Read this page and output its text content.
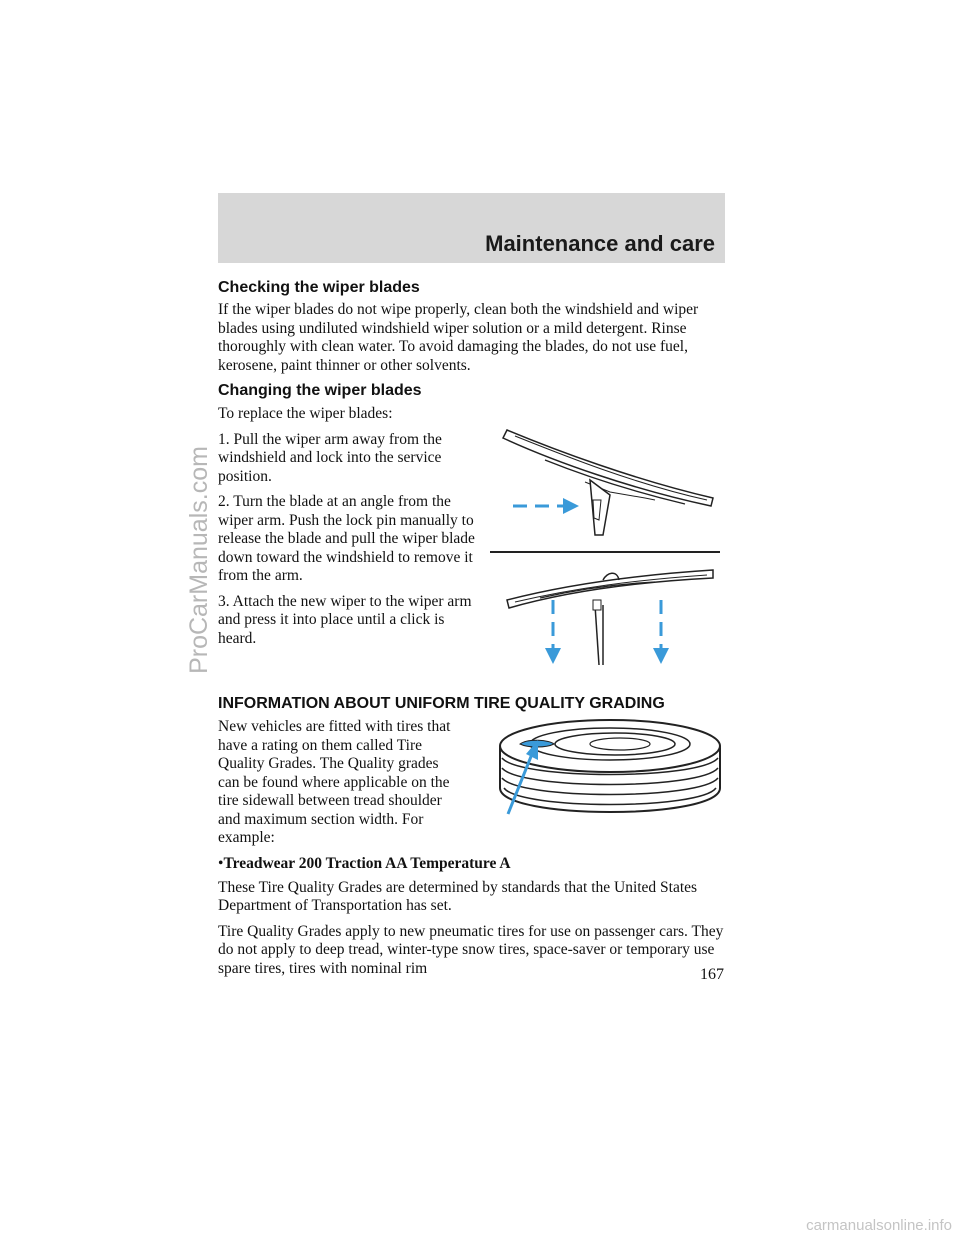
ProCarManuals.com
Maintenance and care
Checking the wiper blades

If the wiper blades do not wipe properly, clean both the windshield and wiper blades using undiluted windshield wiper solution or a mild detergent. Rinse thoroughly with clean water. To avoid damaging the blades, do not use fuel, kerosene, paint thinner or other solvents.

Changing the wiper blades

To replace the wiper blades:

1. Pull the wiper arm away from the windshield and lock into the service position.

2. Turn the blade at an angle from the wiper arm. Push the lock pin manually to release the blade and pull the wiper blade down toward the windshield to remove it from the arm.

3. Attach the new wiper to the wiper arm and press it into place until a click is heard.

INFORMATION ABOUT UNIFORM TIRE QUALITY GRADING

New vehicles are fitted with tires that have a rating on them called Tire Quality Grades. The Quality grades can be found where applicable on the tire sidewall between tread shoulder and maximum section width. For example:

•Treadwear 200 Traction AA Temperature A

These Tire Quality Grades are determined by standards that the United States Department of Transportation has set.

Tire Quality Grades apply to new pneumatic tires for use on passenger cars. They do not apply to deep tread, winter-type snow tires, space-saver or temporary use spare tires, tires with nominal rim	167
carmanualsonline.info
